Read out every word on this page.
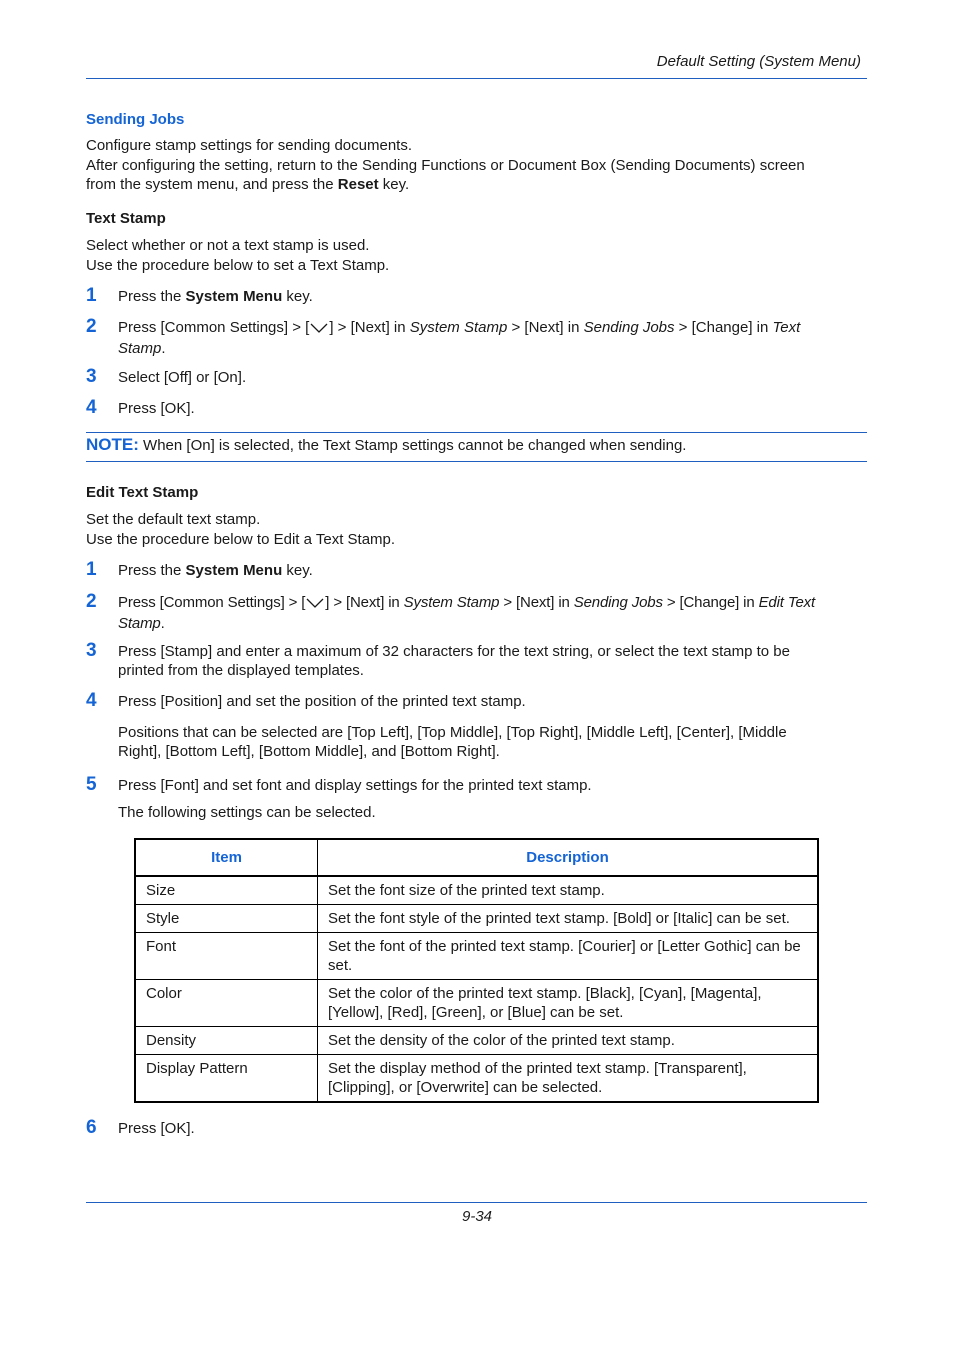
Default Setting (System Menu)
Sending Jobs
Configure stamp settings for sending documents.
After configuring the setting, return to the Sending Functions or Document Box (Sending Documents) screen
from the system menu, and press the Reset key.
Text Stamp
Select whether or not a text stamp is used.
Use the procedure below to set a Text Stamp.
1 Press the System Menu key.
2 Press [Common Settings] > [ ] > [Next] in System Stamp > [Next] in Sending Jobs > [Change] in Text
Stamp.
3 Select [Off] or [On].
4 Press [OK].
NOTE: When [On] is selected, the Text Stamp settings cannot be changed when sending.
Edit Text Stamp
Set the default text stamp.
Use the procedure below to Edit a Text Stamp.
1 Press the System Menu key.
2 Press [Common Settings] > [ ] > [Next] in System Stamp > [Next] in Sending Jobs > [Change] in Edit Text
Stamp.
3 Press [Stamp] and enter a maximum of 32 characters for the text string, or select the text stamp to be
printed from the displayed templates.
4 Press [Position] and set the position of the printed text stamp.
Positions that can be selected are [Top Left], [Top Middle], [Top Right], [Middle Left], [Center], [Middle
Right], [Bottom Left], [Bottom Middle], and [Bottom Right].
5 Press [Font] and set font and display settings for the printed text stamp.
The following settings can be selected.
Item	Description
Size	Set the font size of the printed text stamp.
Style	Set the font style of the printed text stamp. [Bold] or [Italic] can be set.
Font	Set the font of the printed text stamp. [Courier] or [Letter Gothic] can be set.
Color	Set the color of the printed text stamp. [Black], [Cyan], [Magenta], [Yellow], [Red], [Green], or [Blue] can be set.
Density	Set the density of the color of the printed text stamp.
Display Pattern	Set the display method of the printed text stamp. [Transparent], [Clipping], or [Overwrite] can be selected.
6 Press [OK].
9-34
